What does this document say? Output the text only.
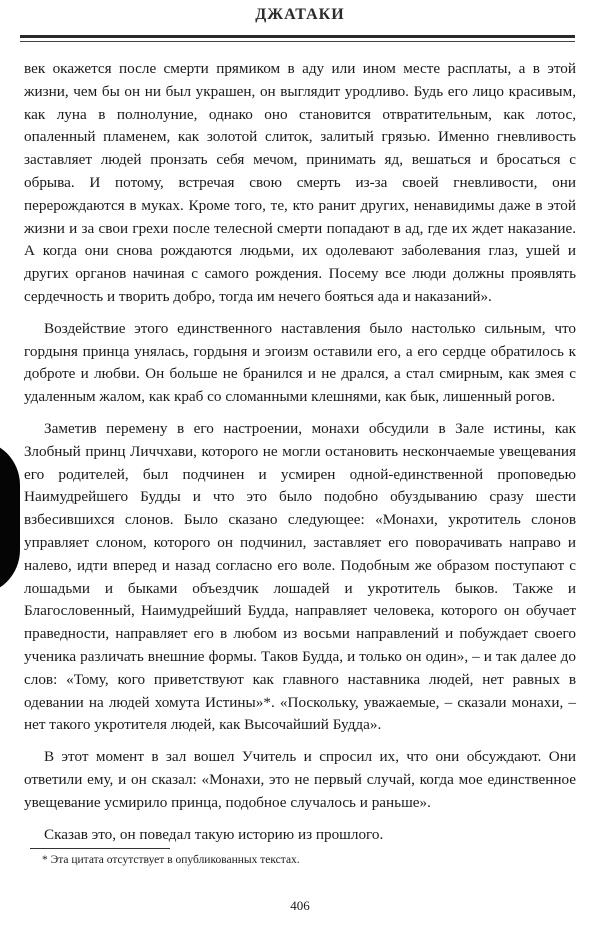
ДЖАТАКИ

век окажется после смерти прямиком в аду или ином месте расплаты, а в этой жизни, чем бы он ни был украшен, он выглядит уродливо. Будь его лицо красивым, как луна в полнолуние, однако оно становится отвратительным, как лотос, опаленный пламенем, как золотой слиток, залитый грязью. Именно гневливость заставляет людей пронзать себя мечом, принимать яд, вешаться и бросаться с обрыва. И потому, встречая свою смерть из-за своей гневливости, они перерождаются в муках. Кроме того, те, кто ранит других, ненавидимы даже в этой жизни и за свои грехи после телесной смерти попадают в ад, где их ждет наказание. А когда они снова рождаются людьми, их одолевают заболевания глаз, ушей и других органов начиная с самого рождения. Посему все люди должны проявлять сердечность и творить добро, тогда им нечего бояться ада и наказаний».

Воздействие этого единственного наставления было настолько сильным, что гордыня принца унялась, гордыня и эгоизм оставили его, а его сердце обратилось к доброте и любви. Он больше не бранился и не дрался, а стал смирным, как змея с удаленным жалом, как краб со сломанными клешнями, как бык, лишенный рогов.

Заметив перемену в его настроении, монахи обсудили в Зале истины, как Злобный принц Личчхави, которого не могли остановить нескончаемые увещевания его родителей, был подчинен и усмирен одной-единственной проповедью Наимудрейшего Будды и что это было подобно обуздыванию сразу шести взбесившихся слонов. Было сказано следующее: «Монахи, укротитель слонов управляет слоном, которого он подчинил, заставляет его поворачивать направо и налево, идти вперед и назад согласно его воле. Подобным же образом поступают с лошадьми и быками объездчик лошадей и укротитель быков. Также и Благословенный, Наимудрейший Будда, направляет человека, которого он обучает праведности, направляет его в любом из восьми направлений и побуждает своего ученика различать внешние формы. Таков Будда, и только он один», – и так далее до слов: «Тому, кого приветствуют как главного наставника людей, нет равных в одевании на людей хомута Истины»*. «Поскольку, уважаемые, – сказали монахи, – нет такого укротителя людей, как Высочайший Будда».

В этот момент в зал вошел Учитель и спросил их, что они обсуждают. Они ответили ему, и он сказал: «Монахи, это не первый случай, когда мое единственное увещевание усмирило принца, подобное случалось и раньше».

Сказав это, он поведал такую историю из прошлого.

* Эта цитата отсутствует в опубликованных текстах.
406
